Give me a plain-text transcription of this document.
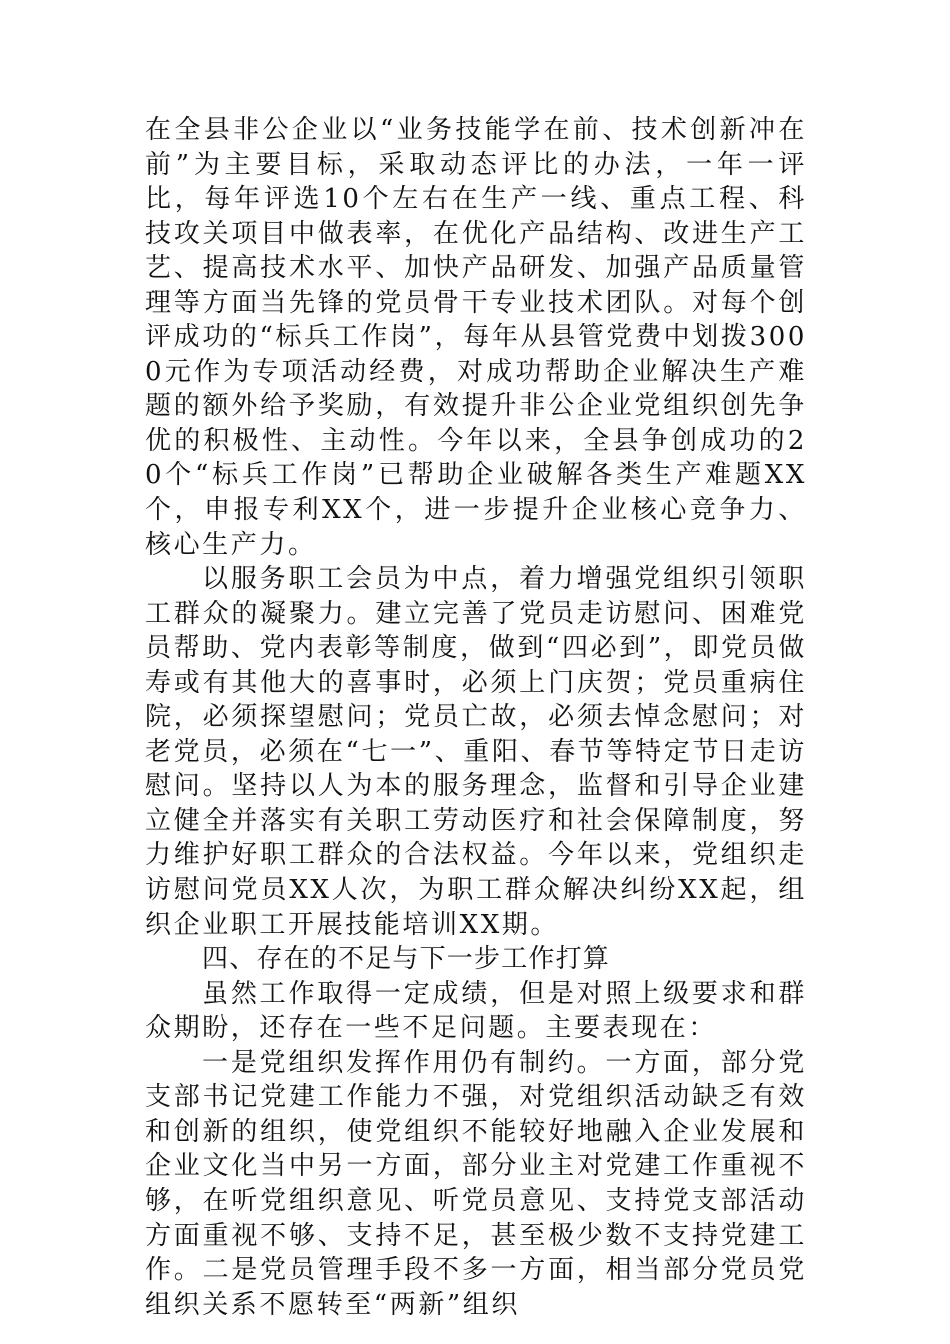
在全县非公企业以“业务技能学在前、技术创新冲在前”为主要目标，采取动态评比的办法，一年一评比，每年评选10个左右在生产一线、重点工程、科技攻关项目中做表率，在优化产品结构、改进生产工艺、提高技术水平、加快产品研发、加强产品质量管理等方面当先锋的党员骨干专业技术团队。对每个创评成功的“标兵工作岗”，每年从县管党费中划拨3000元作为专项活动经费，对成功帮助企业解决生产难题的额外给予奖励，有效提升非公企业党组织创先争优的积极性、主动性。今年以来，全县争创成功的20个“标兵工作岗”已帮助企业破解各类生产难题XX个，申报专利XX个，进一步提升企业核心竞争力、核心生产力。

以服务职工会员为中点，着力增强党组织引领职工群众的凝聚力。建立完善了党员走访慰问、困难党员帮助、党内表彰等制度，做到“四必到”，即党员做寿或有其他大的喜事时，必须上门庆贺；党员重病住院，必须探望慰问；党员亡故，必须去悼念慰问；对老党员，必须在“七一”、重阳、春节等特定节日走访慰问。坚持以人为本的服务理念，监督和引导企业建立健全并落实有关职工劳动医疗和社会保障制度，努力维护好职工群众的合法权益。今年以来，党组织走访慰问党员XX人次，为职工群众解决纠纷XX起，组织企业职工开展技能培训XX期。

四、存在的不足与下一步工作打算

虽然工作取得一定成绩，但是对照上级要求和群众期盼，还存在一些不足问题。主要表现在：

一是党组织发挥作用仍有制约。一方面，部分党支部书记党建工作能力不强，对党组织活动缺乏有效和创新的组织，使党组织不能较好地融入企业发展和企业文化当中另一方面，部分业主对党建工作重视不够，在听党组织意见、听党员意见、支持党支部活动方面重视不够、支持不足，甚至极少数不支持党建工作。二是党员管理手段不多一方面，相当部分党员党组织关系不愿转至“两新”组织
